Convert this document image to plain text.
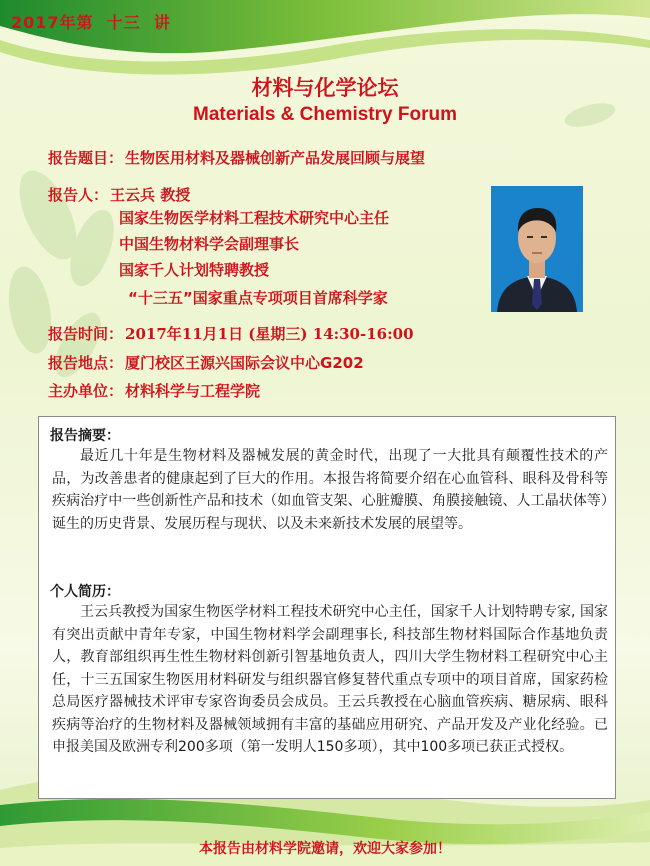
2017年第  十三  讲
材料与化学论坛
Materials & Chemistry Forum
报告题目： 生物医用材料及器械创新产品发展回顾与展望
报告人： 王云兵 教授
国家生物医学材料工程技术研究中心主任
中国生物材料学会副理事长
国家千人计划特聘教授
“十三五”国家重点专项项目首席科学家
报告时间： 2017年11月1日 (星期三) 14:30-16:00
报告地点： 厦门校区王源兴国际会议中心G202
主办单位： 材料科学与工程学院
报告摘要：
最近几十年是生物材料及器械发展的黄金时代，出现了一大批具有颠覆性技术的产品，为改善患者的健康起到了巨大的作用。本报告将简要介绍在心血管科、眼科及骨科等疾病治疗中一些创新性产品和技术（如血管支架、心脏瓣膜、角膜接触镜、人工晶状体等）诞生的历史背景、发展历程与现状、以及未来新技术发展的展望等。
个人简历：
王云兵教授为国家生物医学材料工程技术研究中心主任，国家千人计划特聘专家, 国家有突出贡献中青年专家，中国生物材料学会副理事长, 科技部生物材料国际合作基地负责人，教育部组织再生性生物材料创新引智基地负责人，四川大学生物材料工程研究中心主任，十三五国家生物医用材料研发与组织器官修复替代重点专项中的项目首席，国家药检总局医疗器械技术评审专家咨询委员会成员。王云兵教授在心脑血管疾病、糖尿病、眼科疾病等治疗的生物材料及器械领域拥有丰富的基础应用研究、产品开发及产业化经验。已申报美国及欧洲专利200多项（第一发明人150多项），其中100多项已获正式授权。
本报告由材料学院邀请，欢迎大家参加！
